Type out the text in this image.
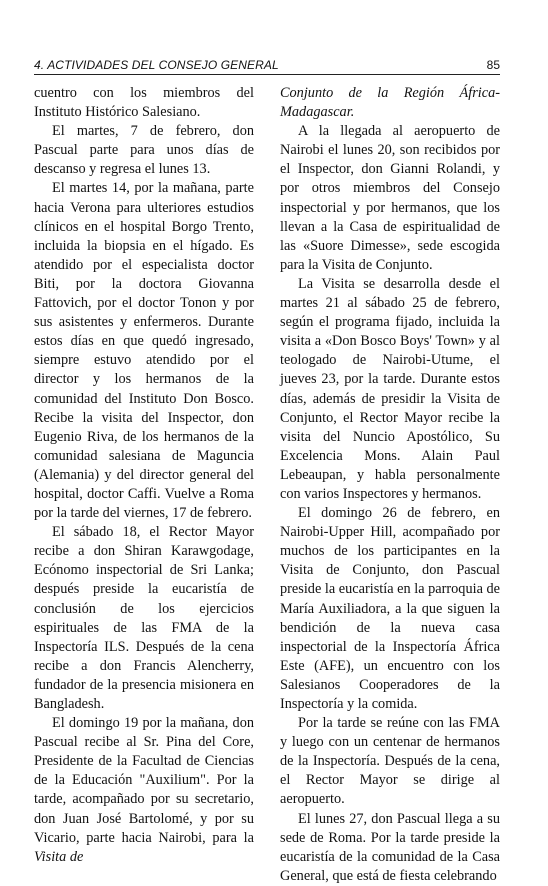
4. ACTIVIDADES DEL CONSEJO GENERAL	85

cuentro con los miembros del Instituto Histórico Salesiano.

El martes, 7 de febrero, don Pascual parte para unos días de descanso y regresa el lunes 13.

El martes 14, por la mañana, parte hacia Verona para ulteriores estudios clínicos en el hospital Borgo Trento, incluida la biopsia en el hígado. Es atendido por el especialista doctor Biti, por la doctora Giovanna Fattovich, por el doctor Tonon y por sus asistentes y enfermeros. Durante estos días en que quedó ingresado, siempre estuvo atendido por el director y los hermanos de la comunidad del Instituto Don Bosco. Recibe la visita del Inspector, don Eugenio Riva, de los hermanos de la comunidad salesiana de Maguncia (Alemania) y del director general del hospital, doctor Caffi. Vuelve a Roma por la tarde del viernes, 17 de febrero.

El sábado 18, el Rector Mayor recibe a don Shiran Karawgodage, Ecónomo inspectorial de Sri Lanka; después preside la eucaristía de conclusión de los ejercicios espirituales de las FMA de la Inspectoría ILS. Después de la cena recibe a don Francis Alencherry, fundador de la presencia misionera en Bangladesh.

El domingo 19 por la mañana, don Pascual recibe al Sr. Pina del Core, Presidente de la Facultad de Ciencias de la Educación "Auxilium". Por la tarde, acompañado por su secretario, don Juan José Bartolomé, y por su Vicario, parte hacia Nairobi, para la Visita de

Conjunto de la Región África-Madagascar.

A la llegada al aeropuerto de Nairobi el lunes 20, son recibidos por el Inspector, don Gianni Rolandi, y por otros miembros del Consejo inspectorial y por hermanos, que los llevan a la Casa de espiritualidad de las «Suore Dimesse», sede escogida para la Visita de Conjunto.

La Visita se desarrolla desde el martes 21 al sábado 25 de febrero, según el programa fijado, incluida la visita a «Don Bosco Boys' Town» y al teologado de Nairobi-Utume, el jueves 23, por la tarde. Durante estos días, además de presidir la Visita de Conjunto, el Rector Mayor recibe la visita del Nuncio Apostólico, Su Excelencia Mons. Alain Paul Lebeaupan, y habla personalmente con varios Inspectores y hermanos.

El domingo 26 de febrero, en Nairobi-Upper Hill, acompañado por muchos de los participantes en la Visita de Conjunto, don Pascual preside la eucaristía en la parroquia de María Auxiliadora, a la que siguen la bendición de la nueva casa inspectorial de la Inspectoría África Este (AFE), un encuentro con los Salesianos Cooperadores de la Inspectoría y la comida.

Por la tarde se reúne con las FMA y luego con un centenar de hermanos de la Inspectoría. Después de la cena, el Rector Mayor se dirige al aeropuerto.

El lunes 27, don Pascual llega a su sede de Roma. Por la tarde preside la eucaristía de la comunidad de la Casa General, que está de fiesta celebrando
